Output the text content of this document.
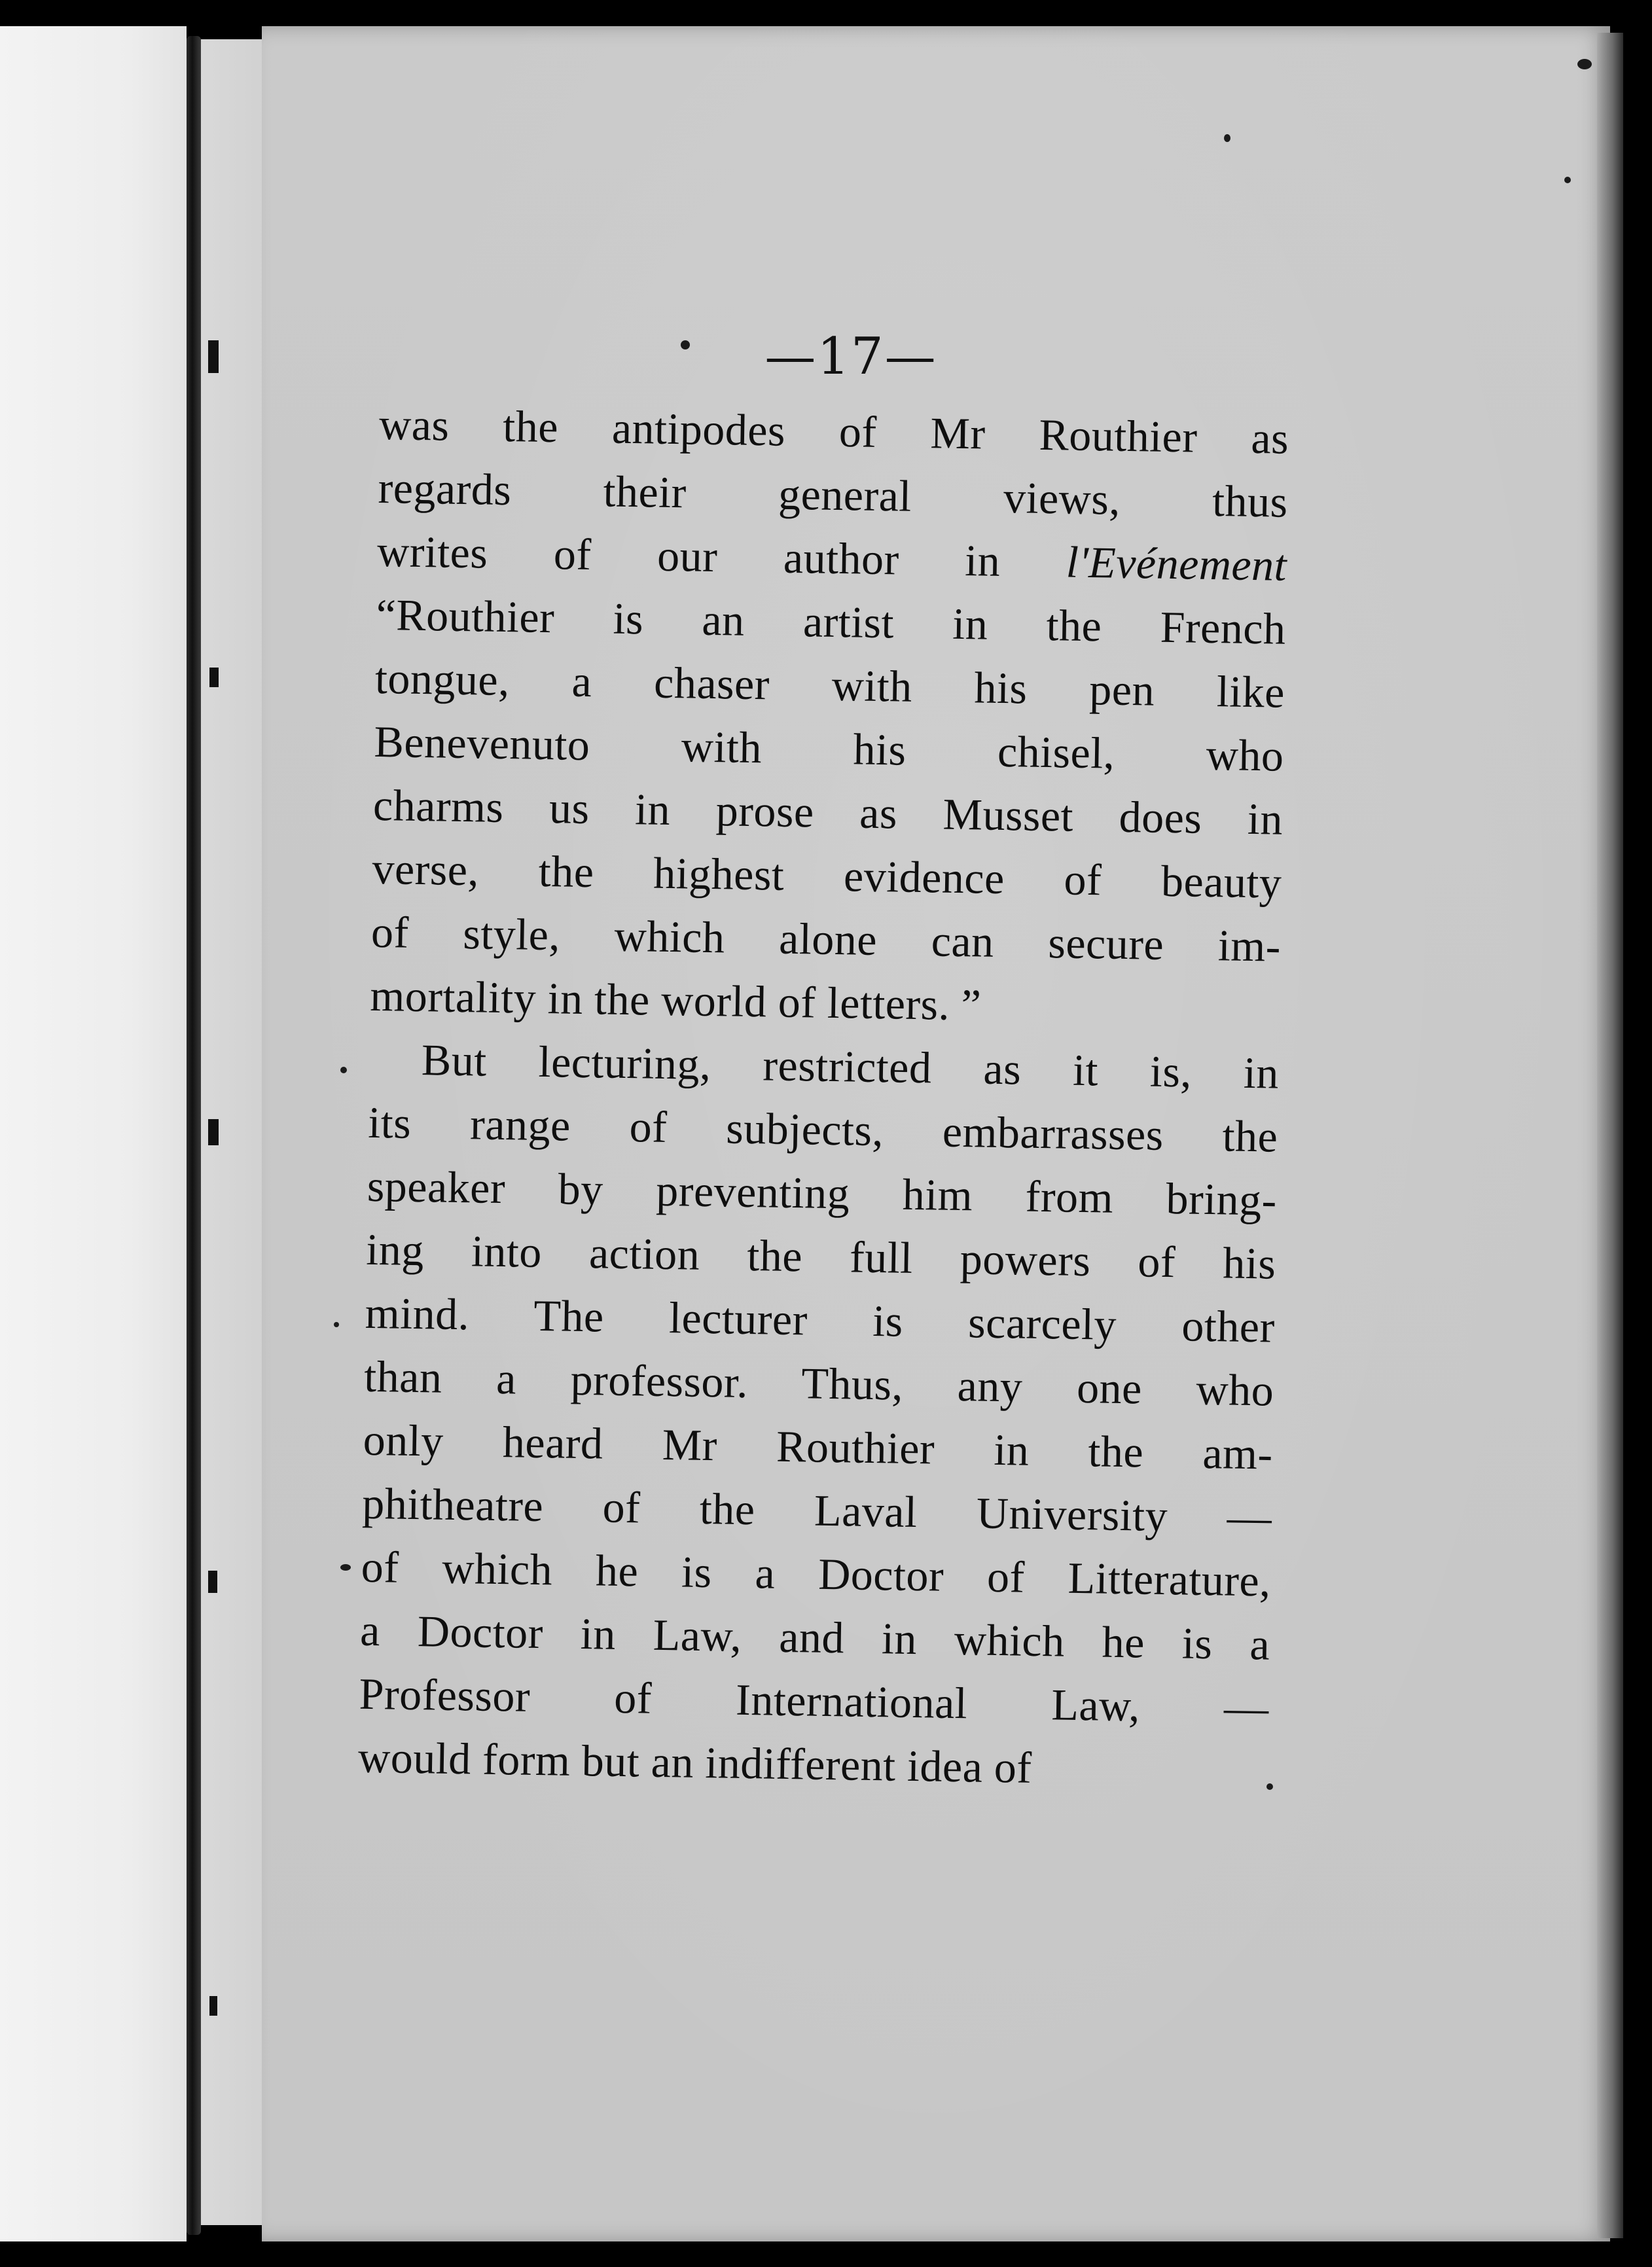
—17—
was the antipodes of Mr Routhier as
regards their general views, thus
writes of our author in l'Evénement
“Routhier is an artist in the French
tongue, a chaser with his pen like
Benevenuto with his chisel, who
charms us in prose as Musset does in
verse, the highest evidence of beauty
of style, which alone can secure im-
mortality in the world of letters. ”
But lecturing, restricted as it is, in
its range of subjects, embarrasses the
speaker by preventing him from bring-
ing into action the full powers of his
mind. The lecturer is scarcely other
than a professor. Thus, any one who
only heard Mr Routhier in the am-
phitheatre of the Laval University —
of which he is a Doctor of Litterature,
a Doctor in Law, and in which he is a
Professor of International Law, —
would form but an indifferent idea of
